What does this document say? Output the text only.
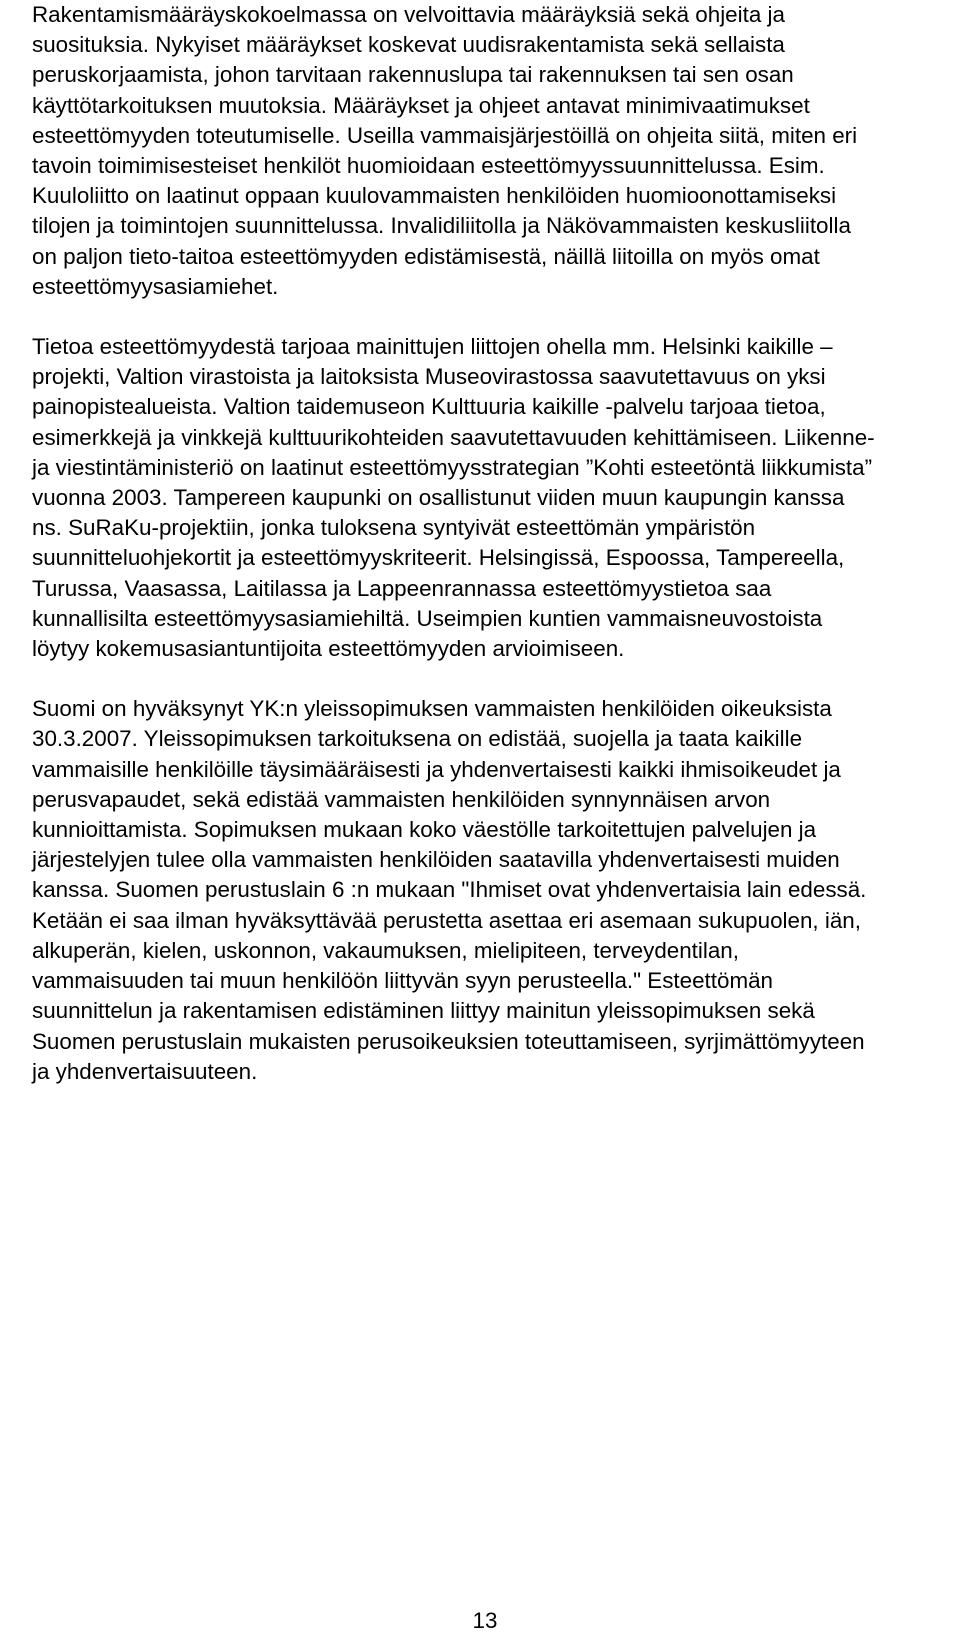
Rakentamismääräyskokoelmassa on velvoittavia määräyksiä sekä ohjeita ja
suosituksia. Nykyiset määräykset koskevat uudisrakentamista sekä sellaista
peruskorjaamista, johon tarvitaan rakennuslupa tai rakennuksen tai sen osan
käyttötarkoituksen muutoksia. Määräykset ja ohjeet antavat minimivaatimukset
esteettömyyden toteutumiselle. Useilla vammaisjärjestöillä on ohjeita siitä, miten eri
tavoin toimimisesteiset henkilöt huomioidaan esteettömyyssuunnittelussa. Esim.
Kuuloliitto on laatinut oppaan kuulovammaisten henkilöiden huomioonottamiseksi
tilojen ja toimintojen suunnittelussa. Invalidiliitolla ja Näkövammaisten keskusliitolla
on paljon tieto-taitoa esteettömyyden edistämisestä, näillä liitoilla on myös omat
esteettömyysasiamiehet.

Tietoa esteettömyydestä tarjoaa mainittujen liittojen ohella mm. Helsinki kaikille –
projekti, Valtion virastoista ja laitoksista Museovirastossa saavutettavuus on yksi
painopistealueista. Valtion taidemuseon Kulttuuria kaikille -palvelu tarjoaa tietoa,
esimerkkejä ja vinkkejä kulttuurikohteiden saavutettavuuden kehittämiseen. Liikenne-
ja viestintäministeriö on laatinut esteettömyysstrategian ”Kohti esteetöntä liikkumista”
vuonna 2003. Tampereen kaupunki on osallistunut viiden muun kaupungin kanssa
ns. SuRaKu-projektiin, jonka tuloksena syntyivät esteettömän ympäristön
suunnitteluohjekortit ja esteettömyyskriteerit. Helsingissä, Espoossa, Tampereella,
Turussa, Vaasassa, Laitilassa ja Lappeenrannassa esteettömyystietoa saa
kunnallisilta esteettömyysasiamiehiltä. Useimpien kuntien vammaisneuvostoista
löytyy kokemusasiantuntijoita esteettömyyden arvioimiseen.

Suomi on hyväksynyt YK:n yleissopimuksen vammaisten henkilöiden oikeuksista
30.3.2007. Yleissopimuksen tarkoituksena on edistää, suojella ja taata kaikille
vammaisille henkilöille täysimääräisesti ja yhdenvertaisesti kaikki ihmisoikeudet ja
perusvapaudet, sekä edistää vammaisten henkilöiden synnynnäisen arvon
kunnioittamista. Sopimuksen mukaan koko väestölle tarkoitettujen palvelujen ja
järjestelyjen tulee olla vammaisten henkilöiden saatavilla yhdenvertaisesti muiden
kanssa. Suomen perustuslain 6 :n mukaan "Ihmiset ovat yhdenvertaisia lain edessä.
Ketään ei saa ilman hyväksyttävää perustetta asettaa eri asemaan sukupuolen, iän,
alkuperän, kielen, uskonnon, vakaumuksen, mielipiteen, terveydentilan,
vammaisuuden tai muun henkilöön liittyvän syyn perusteella." Esteettömän
suunnittelun ja rakentamisen edistäminen liittyy mainitun yleissopimuksen sekä
Suomen perustuslain mukaisten perusoikeuksien toteuttamiseen, syrjimättömyyteen
ja yhdenvertaisuuteen.

13
